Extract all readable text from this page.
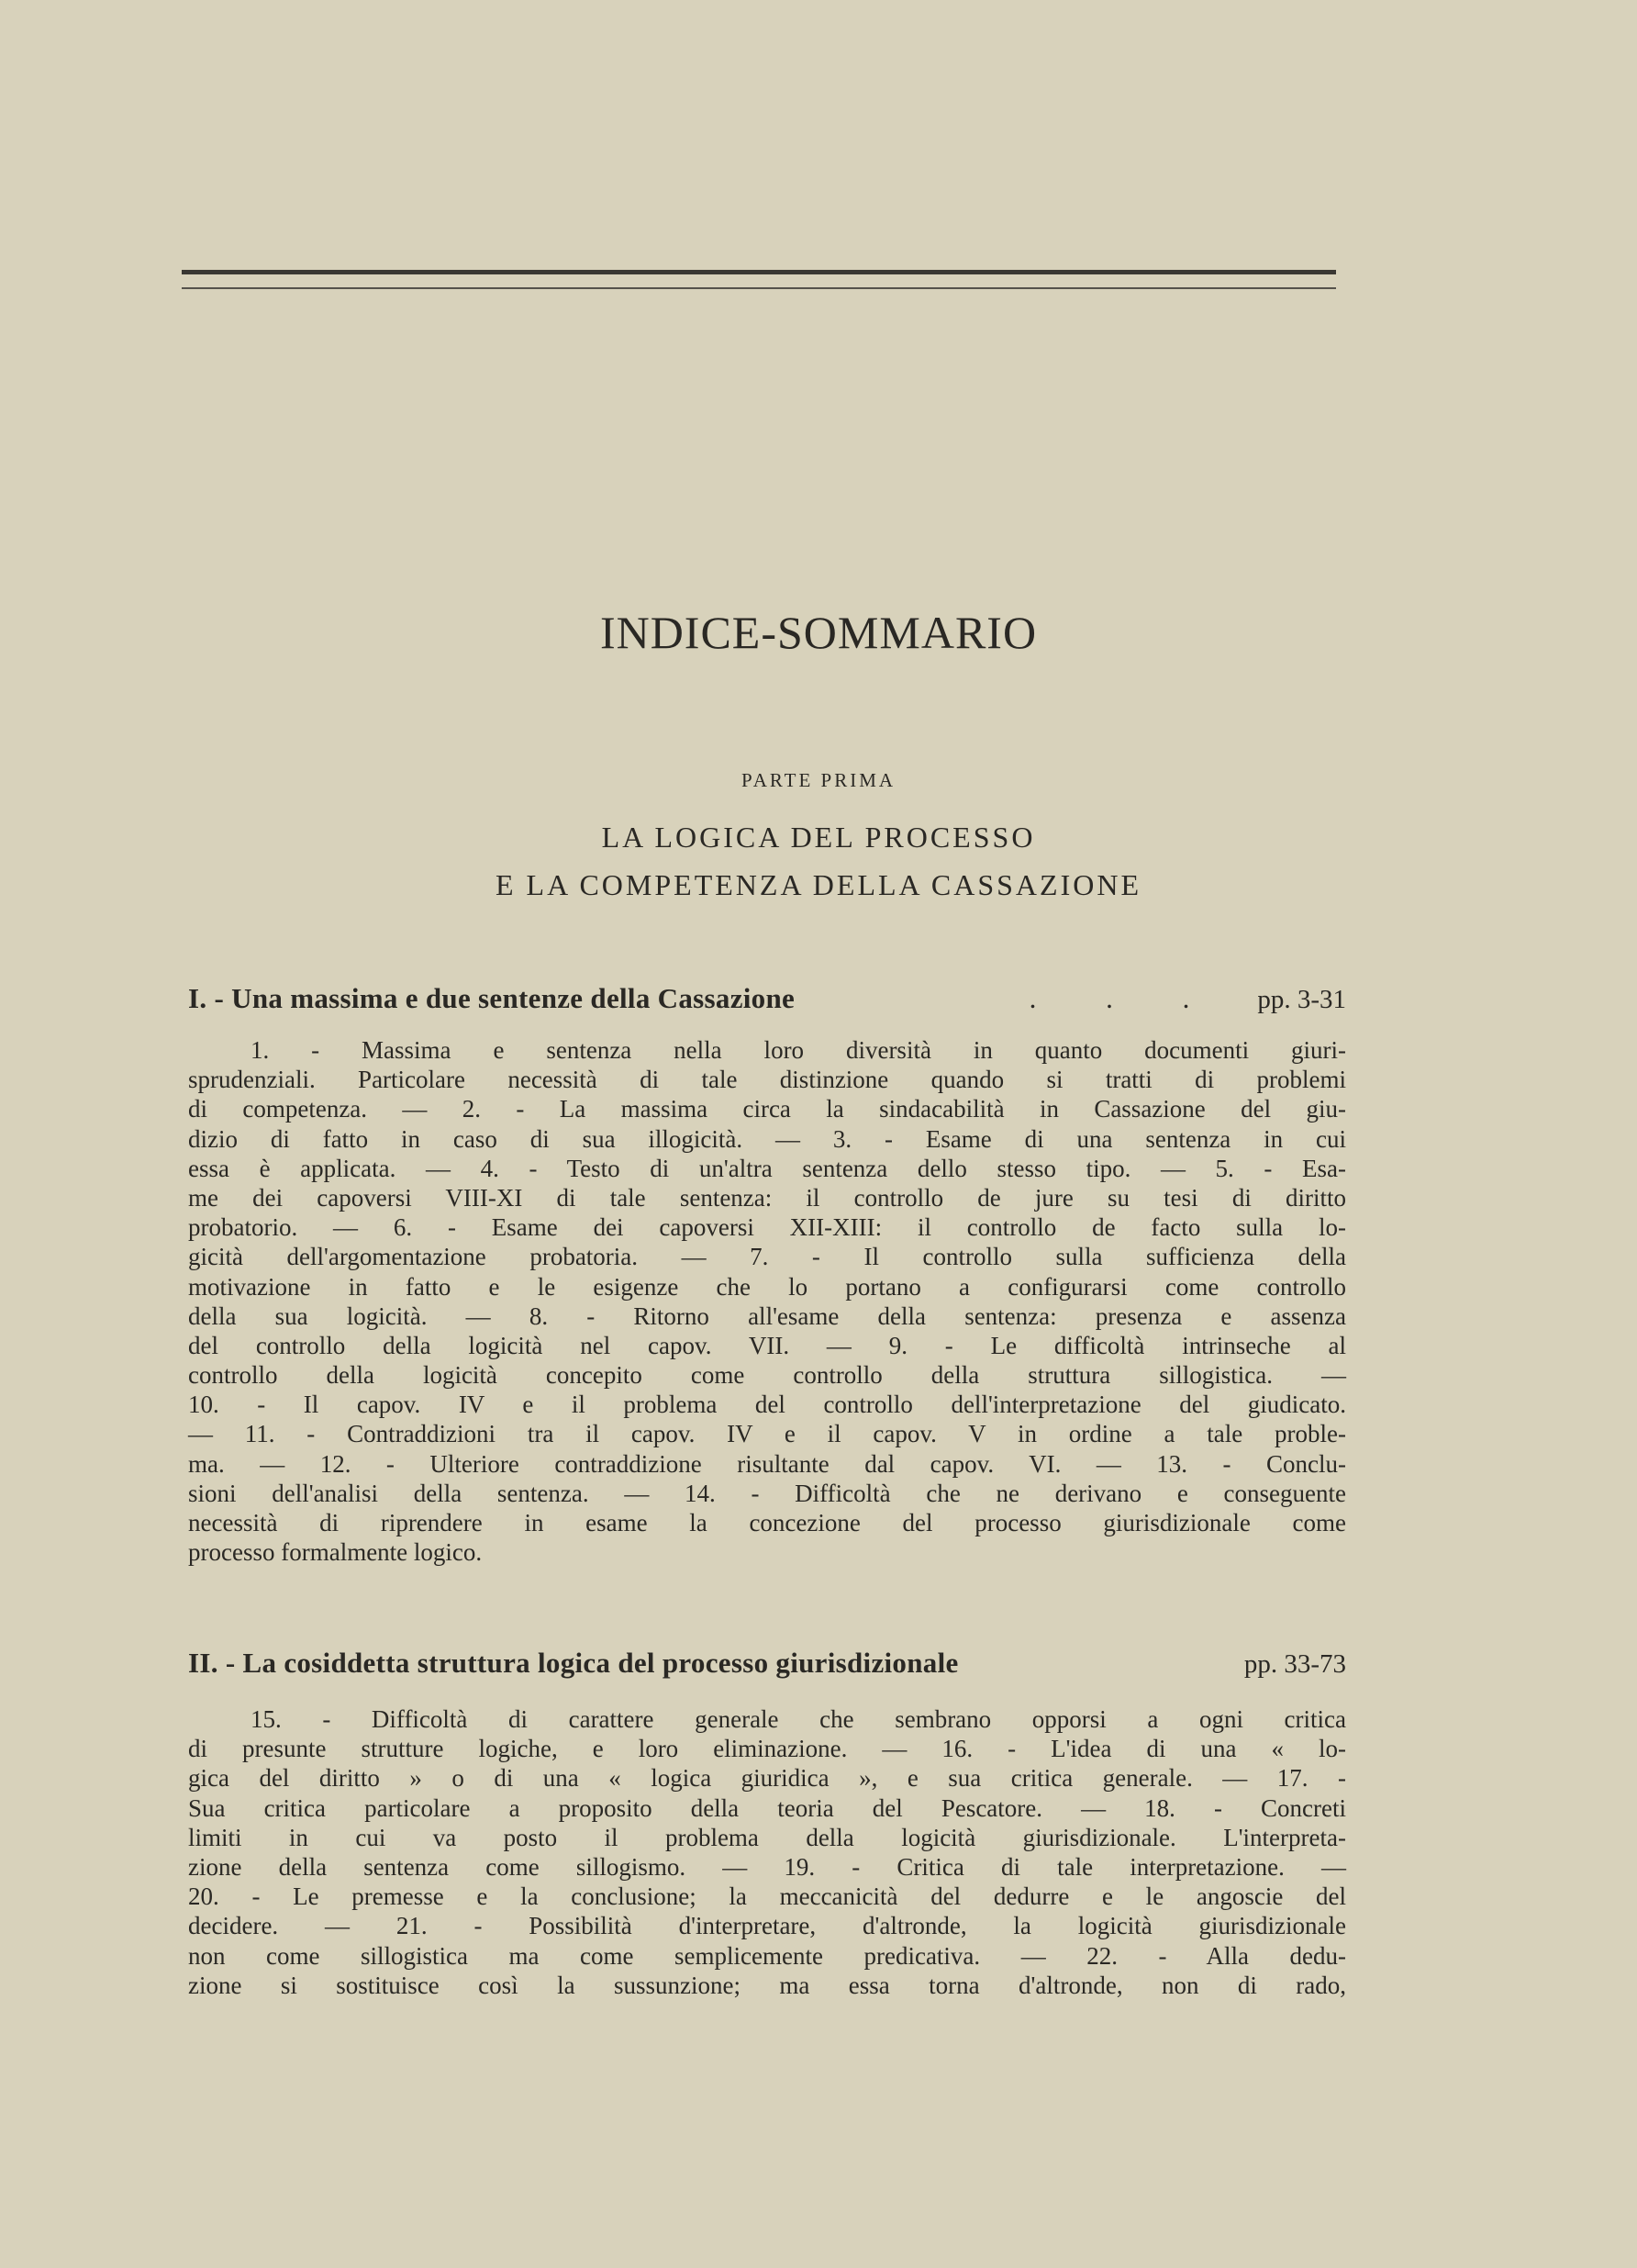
INDICE-SOMMARIO
PARTE PRIMA
LA LOGICA DEL PROCESSO
E LA COMPETENZA DELLA CASSAZIONE
I. - Una massima e due sentenze della Cassazione	. . .	pp. 3-31
1. - Massima e sentenza nella loro diversità in quanto documenti giuri-
sprudenziali. Particolare necessità di tale distinzione quando si tratti di problemi
di competenza. — 2. - La massima circa la sindacabilità in Cassazione del giu-
dizio di fatto in caso di sua illogicità. — 3. - Esame di una sentenza in cui
essa è applicata. — 4. - Testo di un'altra sentenza dello stesso tipo. — 5. - Esa-
me dei capoversi VIII-XI di tale sentenza: il controllo de jure su tesi di diritto
probatorio. — 6. - Esame dei capoversi XII-XIII: il controllo de facto sulla lo-
gicità dell'argomentazione probatoria. — 7. - Il controllo sulla sufficienza della
motivazione in fatto e le esigenze che lo portano a configurarsi come controllo
della sua logicità. — 8. - Ritorno all'esame della sentenza: presenza e assenza
del controllo della logicità nel capov. VII. — 9. - Le difficoltà intrinseche al
controllo della logicità concepito come controllo della struttura sillogistica. —
10. - Il capov. IV e il problema del controllo dell'interpretazione del giudicato.
— 11. - Contraddizioni tra il capov. IV e il capov. V in ordine a tale proble-
ma. — 12. - Ulteriore contraddizione risultante dal capov. VI. — 13. - Conclu-
sioni dell'analisi della sentenza. — 14. - Difficoltà che ne derivano e conseguente
necessità di riprendere in esame la concezione del processo giurisdizionale come
processo formalmente logico.
II. - La cosiddetta struttura logica del processo giurisdizionale	pp. 33-73
15. - Difficoltà di carattere generale che sembrano opporsi a ogni critica
di presunte strutture logiche, e loro eliminazione. — 16. - L'idea di una « lo-
gica del diritto » o di una « logica giuridica », e sua critica generale. — 17. -
Sua critica particolare a proposito della teoria del Pescatore. — 18. - Concreti
limiti in cui va posto il problema della logicità giurisdizionale. L'interpreta-
zione della sentenza come sillogismo. — 19. - Critica di tale interpretazione. —
20. - Le premesse e la conclusione; la meccanicità del dedurre e le angoscie del
decidere. — 21. - Possibilità d'interpretare, d'altronde, la logicità giurisdizionale
non come sillogistica ma come semplicemente predicativa. — 22. - Alla dedu-
zione si sostituisce così la sussunzione; ma essa torna d'altronde, non di rado,
